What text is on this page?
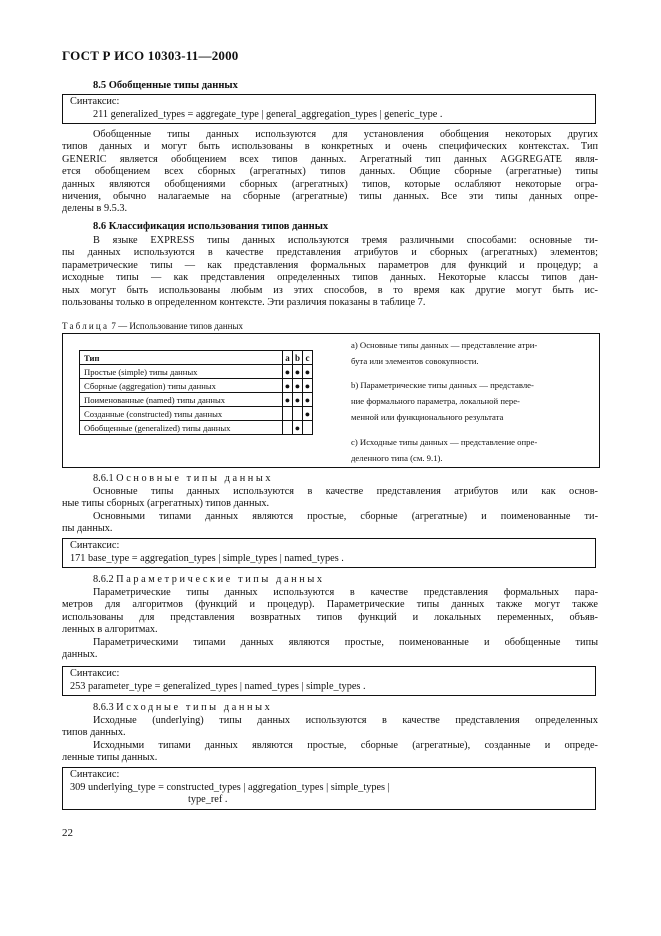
ГОСТ Р ИСО 10303-11—2000
8.5 Обобщенные типы данных
Синтаксис:
211 generalized_types = aggregate_type | general_aggregation_types | generic_type .
Обобщенные типы данных используются для установления обобщения некоторых других
типов данных и могут быть использованы в конкретных и очень специфических контекстах. Тип
GENERIC является обобщением всех типов данных. Агрегатный тип данных AGGREGATE явля-
ется обобщением всех сборных (агрегатных) типов данных. Общие сборные (агрегатные) типы
данных являются обобщениями сборных (агрегатных) типов, которые ослабляют некоторые огра-
ничения, обычно налагаемые на сборные (агрегатные) типы данных. Все эти типы данных опре-
делены в 9.5.3.
8.6 Классификация использования типов данных
В языке EXPRESS типы данных используются тремя различными способами: основные ти-
пы данных используются в качестве представления атрибутов и сборных (агрегатных) элементов;
параметрические типы — как представления формальных параметров для функций и процедур; а
исходные типы — как представления определенных типов данных. Некоторые классы типов дан-
ных могут быть использованы любым из этих способов, в то время как другие могут быть ис-
пользованы только в определенном контексте. Эти различия показаны в таблице 7.
Таблица 7 — Использование типов данных
Тип	a	b	c
Простые (simple) типы данных	●	●	●
Сборные (aggregation) типы данных	●	●	●
Поименованные (named) типы данных	●	●	●
Созданные (constructed) типы данных			●
Обобщенные (generalized) типы данных		●	
a) Основные типы данных — представление атри-
бута или элементов совокупности.
b) Параметрические типы данных — представле-
ние формального параметра, локальной пере-
менной или функционального результата
c) Исходные типы данных — представление опре-
деленного типа (см. 9.1).
8.6.1 Основные типы данных
Основные типы данных используются в качестве представления атрибутов или как основ-
ные типы сборных (агрегатных) типов данных.
Основными типами данных являются простые, сборные (агрегатные) и поименованные ти-
пы данных.
Синтаксис:
171 base_type = aggregation_types | simple_types | named_types .
8.6.2 Параметрические типы данных
Параметрические типы данных используются в качестве представления формальных пара-
метров для алгоритмов (функций и процедур). Параметрические типы данных также могут также
использованы для представления возвратных типов функций и локальных переменных, объяв-
ленных в алгоритмах.
Параметрическими типами данных являются простые, поименованные и обобщенные типы
данных.
Синтаксис:
253 parameter_type = generalized_types | named_types | simple_types .
8.6.3 Исходные типы данных
Исходные (underlying) типы данных используются в качестве представления определенных
типов данных.
Исходными типами данных являются простые, сборные (агрегатные), созданные и опреде-
ленные типы данных.
Синтаксис:
309 underlying_type = constructed_types | aggregation_types | simple_types |
type_ref .
22
